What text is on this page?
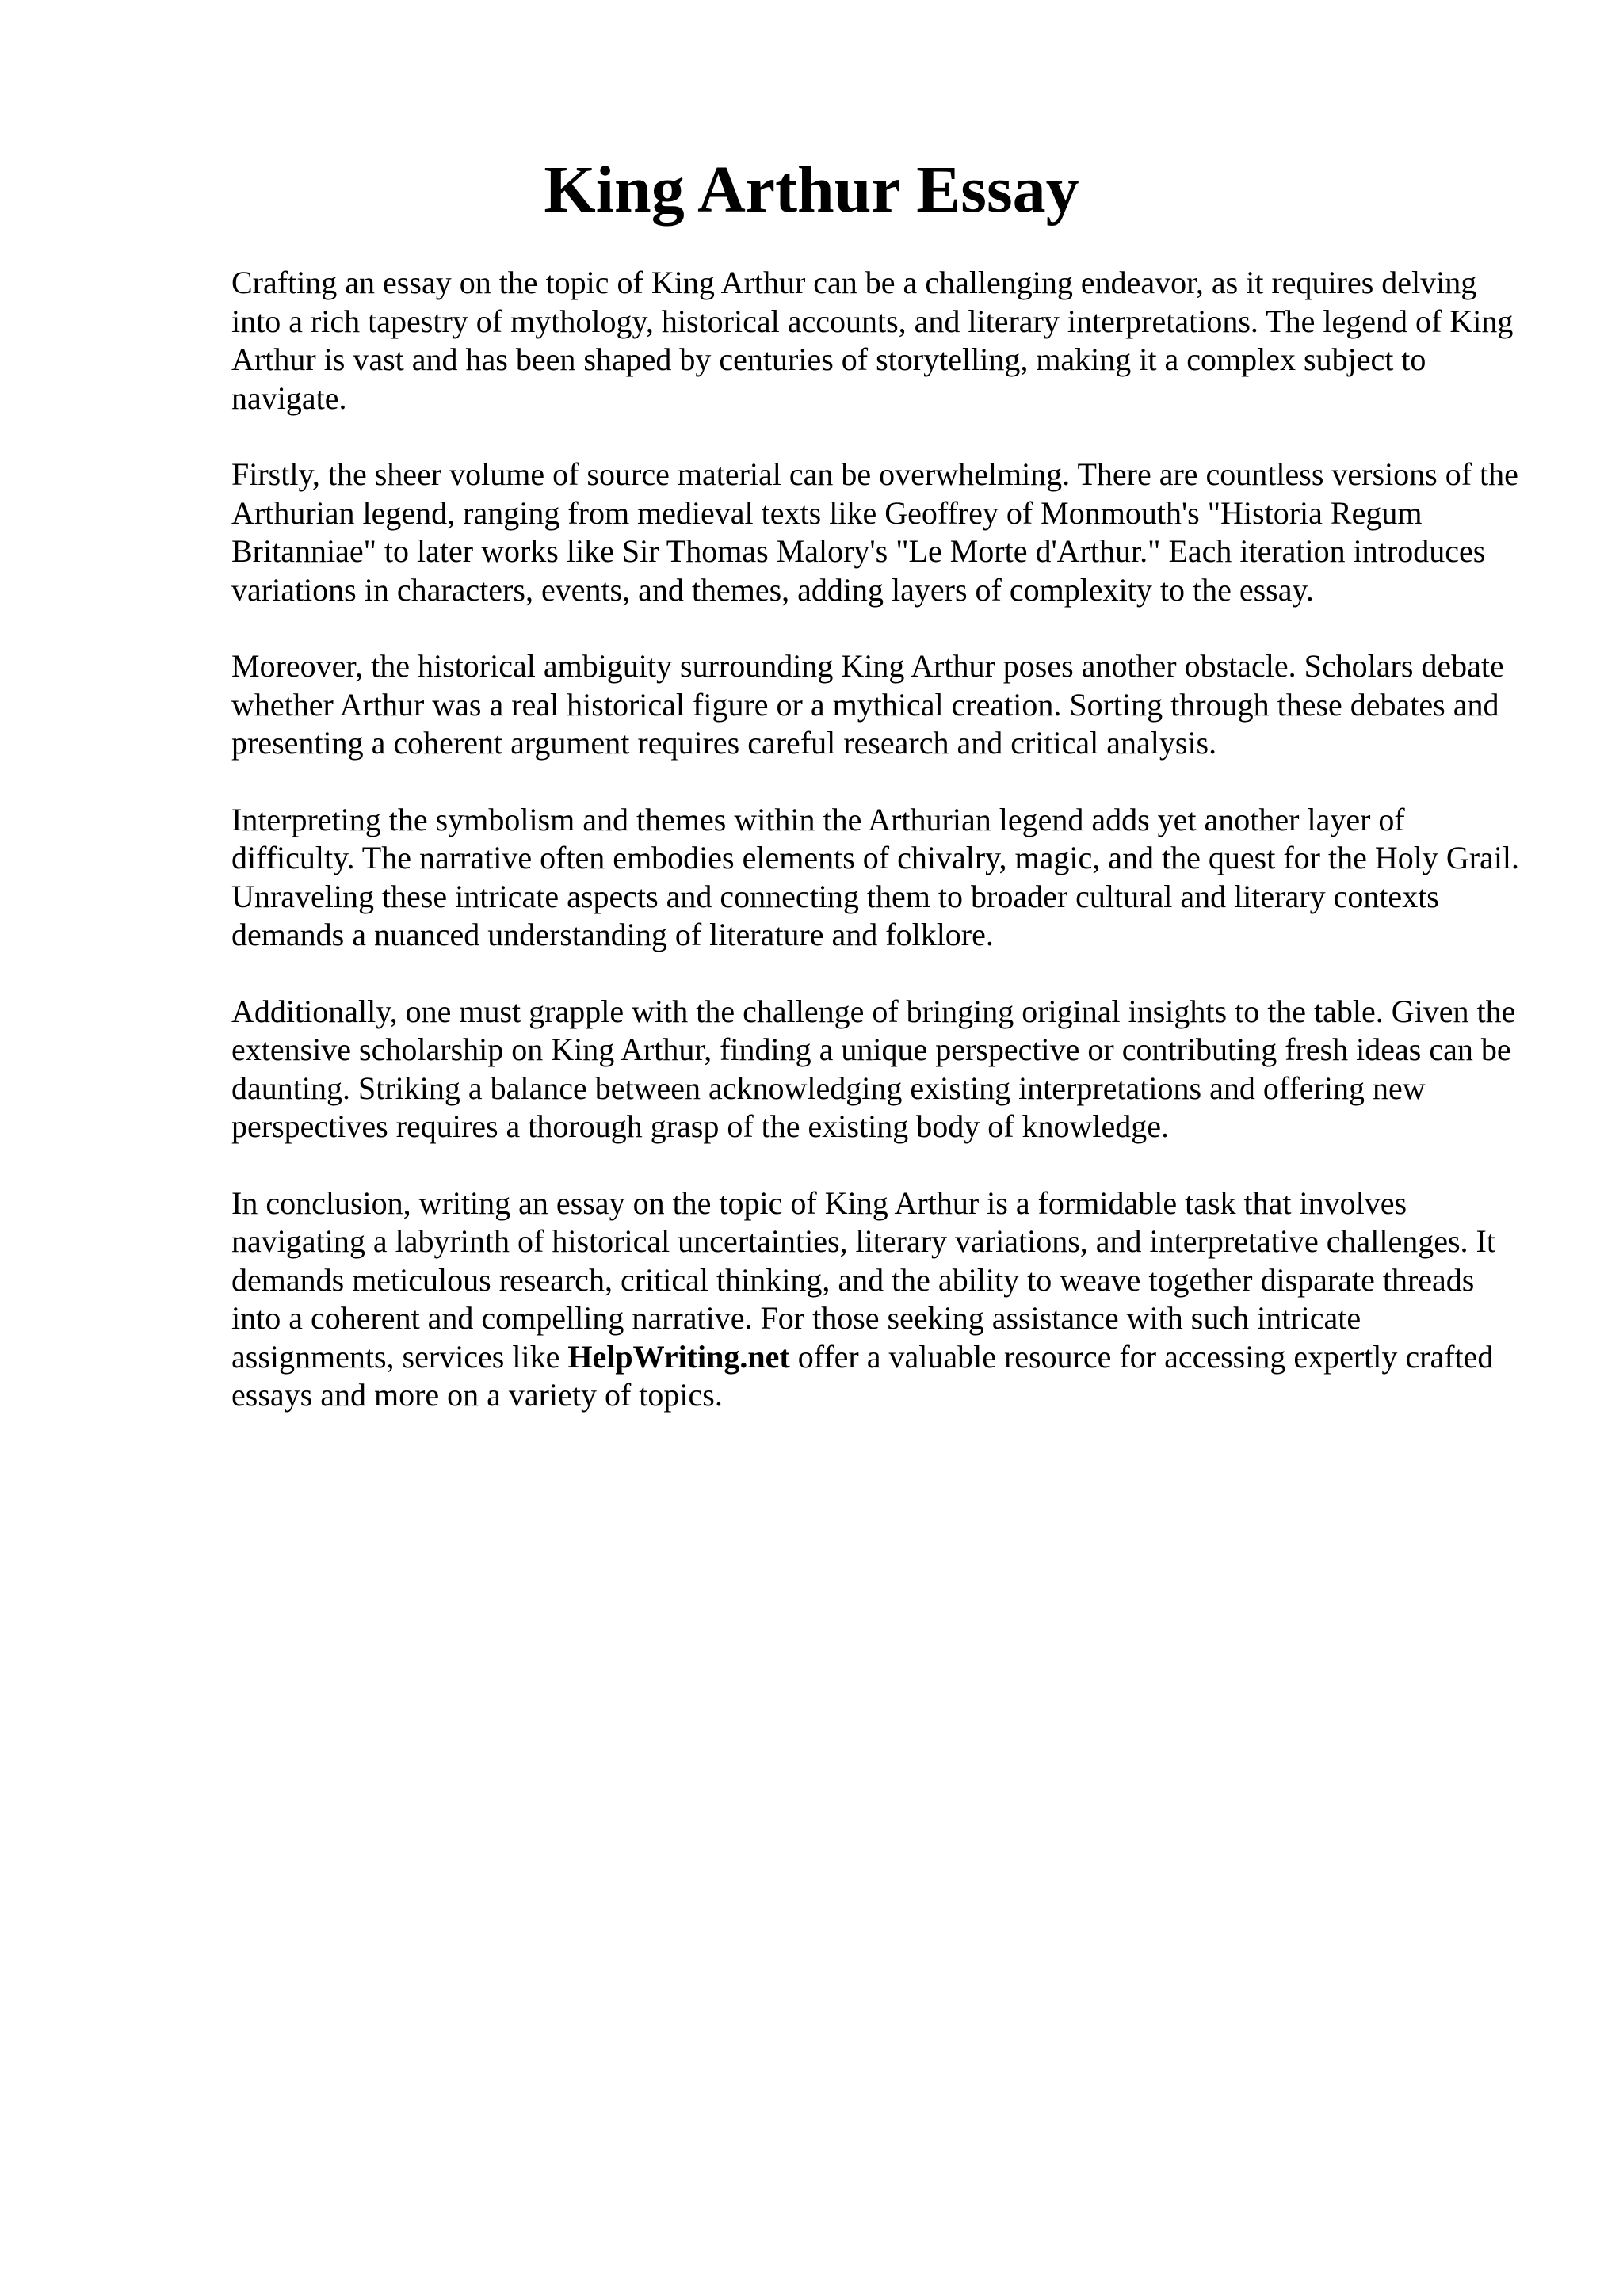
King Arthur Essay

Crafting an essay on the topic of King Arthur can be a challenging endeavor, as it requires delving into a rich tapestry of mythology, historical accounts, and literary interpretations. The legend of King Arthur is vast and has been shaped by centuries of storytelling, making it a complex subject to navigate.

Firstly, the sheer volume of source material can be overwhelming. There are countless versions of the Arthurian legend, ranging from medieval texts like Geoffrey of Monmouth's "Historia Regum Britanniae" to later works like Sir Thomas Malory's "Le Morte d'Arthur." Each iteration introduces variations in characters, events, and themes, adding layers of complexity to the essay.

Moreover, the historical ambiguity surrounding King Arthur poses another obstacle. Scholars debate whether Arthur was a real historical figure or a mythical creation. Sorting through these debates and presenting a coherent argument requires careful research and critical analysis.

Interpreting the symbolism and themes within the Arthurian legend adds yet another layer of difficulty. The narrative often embodies elements of chivalry, magic, and the quest for the Holy Grail. Unraveling these intricate aspects and connecting them to broader cultural and literary contexts demands a nuanced understanding of literature and folklore.

Additionally, one must grapple with the challenge of bringing original insights to the table. Given the extensive scholarship on King Arthur, finding a unique perspective or contributing fresh ideas can be daunting. Striking a balance between acknowledging existing interpretations and offering new perspectives requires a thorough grasp of the existing body of knowledge.

In conclusion, writing an essay on the topic of King Arthur is a formidable task that involves navigating a labyrinth of historical uncertainties, literary variations, and interpretative challenges. It demands meticulous research, critical thinking, and the ability to weave together disparate threads into a coherent and compelling narrative. For those seeking assistance with such intricate assignments, services like HelpWriting.net offer a valuable resource for accessing expertly crafted essays and more on a variety of topics.
